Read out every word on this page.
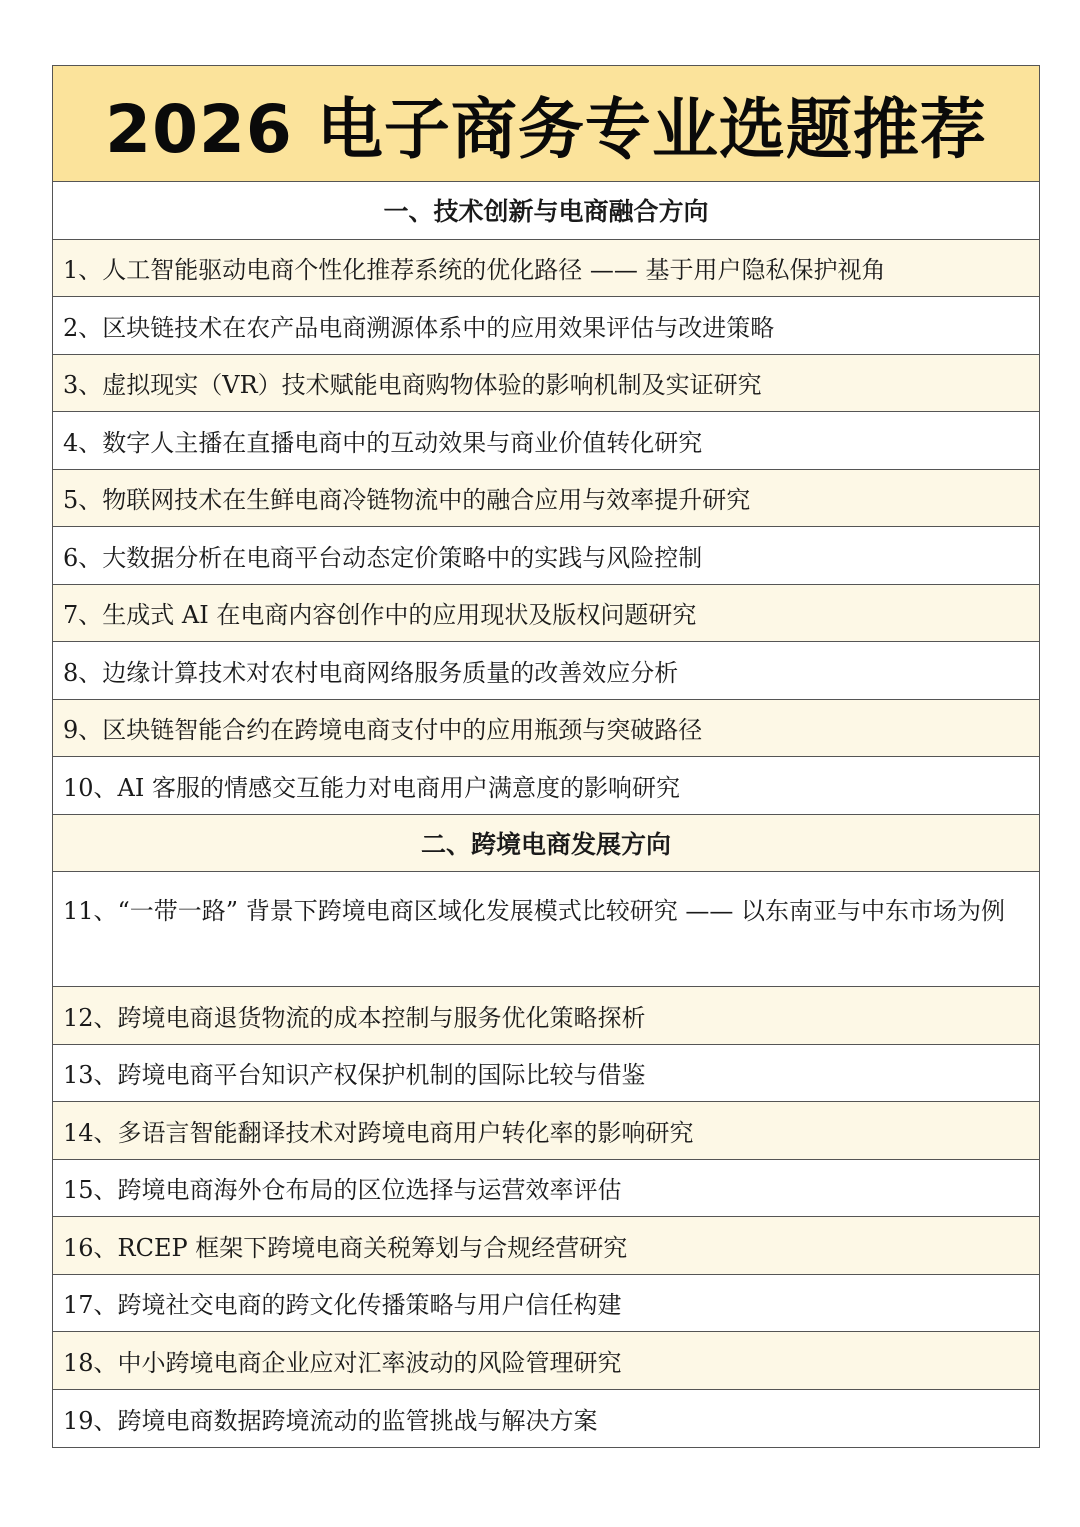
2026 电子商务专业选题推荐
一、技术创新与电商融合方向
1、人工智能驱动电商个性化推荐系统的优化路径 —— 基于用户隐私保护视角
2、区块链技术在农产品电商溯源体系中的应用效果评估与改进策略
3、虚拟现实（VR）技术赋能电商购物体验的影响机制及实证研究
4、数字人主播在直播电商中的互动效果与商业价值转化研究
5、物联网技术在生鲜电商冷链物流中的融合应用与效率提升研究
6、大数据分析在电商平台动态定价策略中的实践与风险控制
7、生成式 AI 在电商内容创作中的应用现状及版权问题研究
8、边缘计算技术对农村电商网络服务质量的改善效应分析
9、区块链智能合约在跨境电商支付中的应用瓶颈与突破路径
10、AI 客服的情感交互能力对电商用户满意度的影响研究
二、跨境电商发展方向
11、“一带一路” 背景下跨境电商区域化发展模式比较研究 —— 以东南亚与中东市场为例
12、跨境电商退货物流的成本控制与服务优化策略探析
13、跨境电商平台知识产权保护机制的国际比较与借鉴
14、多语言智能翻译技术对跨境电商用户转化率的影响研究
15、跨境电商海外仓布局的区位选择与运营效率评估
16、RCEP 框架下跨境电商关税筹划与合规经营研究
17、跨境社交电商的跨文化传播策略与用户信任构建
18、中小跨境电商企业应对汇率波动的风险管理研究
19、跨境电商数据跨境流动的监管挑战与解决方案
